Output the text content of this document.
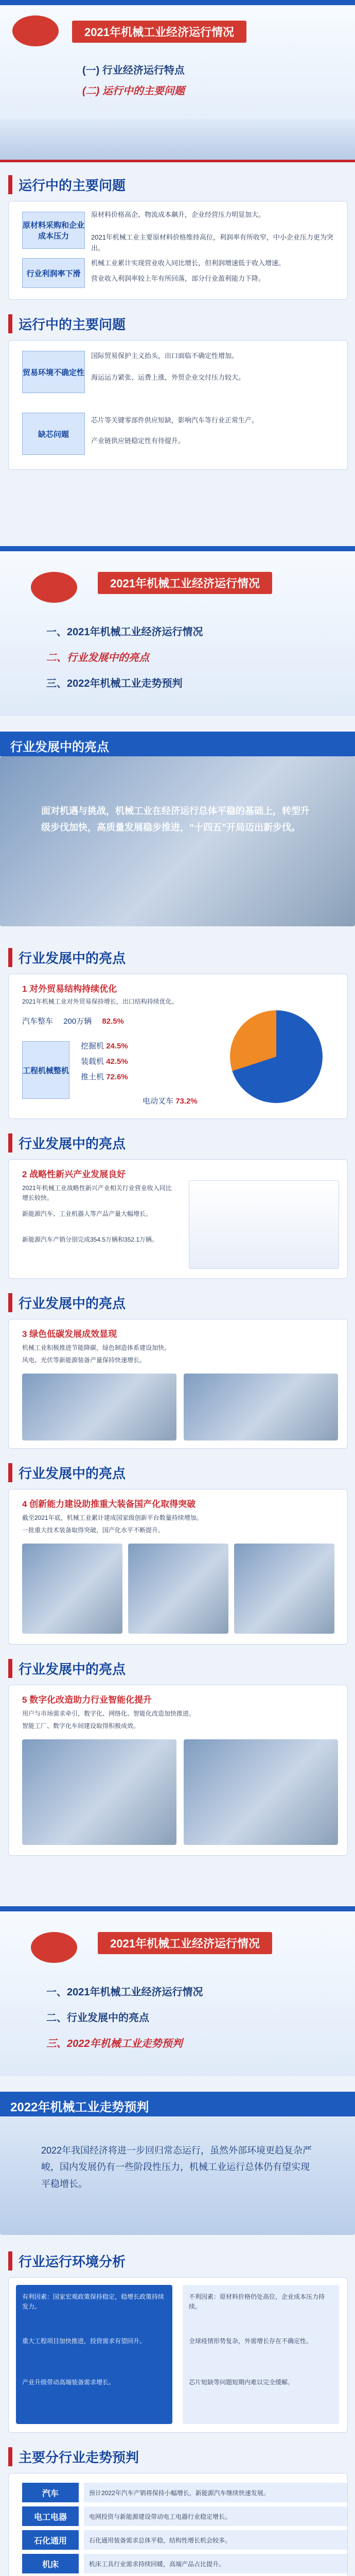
2021年机械工业经济运行情况
(一) 行业经济运行特点
(二) 运行中的主要问题
运行中的主要问题
原材料采购和企业成本压力
原材料价格高企、物流成本飙升，企业经营压力明显加大。
2021年机械工业主要原材料价格维持高位，利润率有所收窄，中小企业压力更为突出。
行业利润率下滑
机械工业累计实现营业收入同比增长，但利润增速低于收入增速。
营业收入利润率较上年有所回落，部分行业盈利能力下降。
运行中的主要问题
贸易环境不确定性
国际贸易保护主义抬头，出口面临不确定性增加。
海运运力紧张、运费上涨，外贸企业交付压力较大。
缺芯问题
芯片等关键零部件供应短缺，影响汽车等行业正常生产。
产业链供应链稳定性有待提升。
2021年机械工业经济运行情况
一、2021年机械工业经济运行情况
二、行业发展中的亮点
三、2022年机械工业走势预判
行业发展中的亮点
面对机遇与挑战，机械工业在经济运行总体平稳的基础上，转型升级步伐加快，高质量发展稳步推进，“十四五”开局迈出新步伐。
行业发展中的亮点
1 对外贸易结构持续优化
2021年机械工业对外贸易保持增长，出口结构持续优化。
汽车整车 200万辆 82.5%
工程机械整机
挖掘机 24.5%
装载机 42.5%
推土机 72.6%
电动叉车 73.2%
行业发展中的亮点
2 战略性新兴产业发展良好
2021年机械工业战略性新兴产业相关行业营业收入同比增长较快。
新能源汽车、工业机器人等产品产量大幅增长。
新能源汽车产销分别完成354.5万辆和352.1万辆。
行业发展中的亮点
3 绿色低碳发展成效显现
机械工业积极推进节能降碳，绿色制造体系建设加快。
风电、光伏等新能源装备产量保持快速增长。
行业发展中的亮点
4 创新能力建设助推重大装备国产化取得突破
截至2021年底，机械工业累计建成国家级创新平台数量持续增加。
一批重大技术装备取得突破，国产化水平不断提升。
行业发展中的亮点
5 数字化改造助力行业智能化提升
用户与市场需求牵引，数字化、网络化、智能化改造加快推进。
智能工厂、数字化车间建设取得积极成效。
2021年机械工业经济运行情况
一、2021年机械工业经济运行情况
二、行业发展中的亮点
三、2022年机械工业走势预判
2022年机械工业走势预判
2022年我国经济将进一步回归常态运行，虽然外部环境更趋复杂严峻，国内发展仍有一些阶段性压力，机械工业运行总体仍有望实现平稳增长。
行业运行环境分析
有利因素：国家宏观政策保持稳定，稳增长政策持续发力。
重大工程项目加快推进，投资需求有望回升。
产业升级带动高端装备需求增长。
不利因素：原材料价格仍处高位，企业成本压力持续。
全球疫情形势复杂，外需增长存在不确定性。
芯片短缺等问题短期内难以完全缓解。
主要分行业走势预判
汽车	预计2022年汽车产销将保持小幅增长，新能源汽车继续快速发展。
电工电器	电网投资与新能源建设带动电工电器行业稳定增长。
石化通用	石化通用装备需求总体平稳，结构性增长机会较多。
机床	机床工具行业需求持续回暖，高端产品占比提升。
